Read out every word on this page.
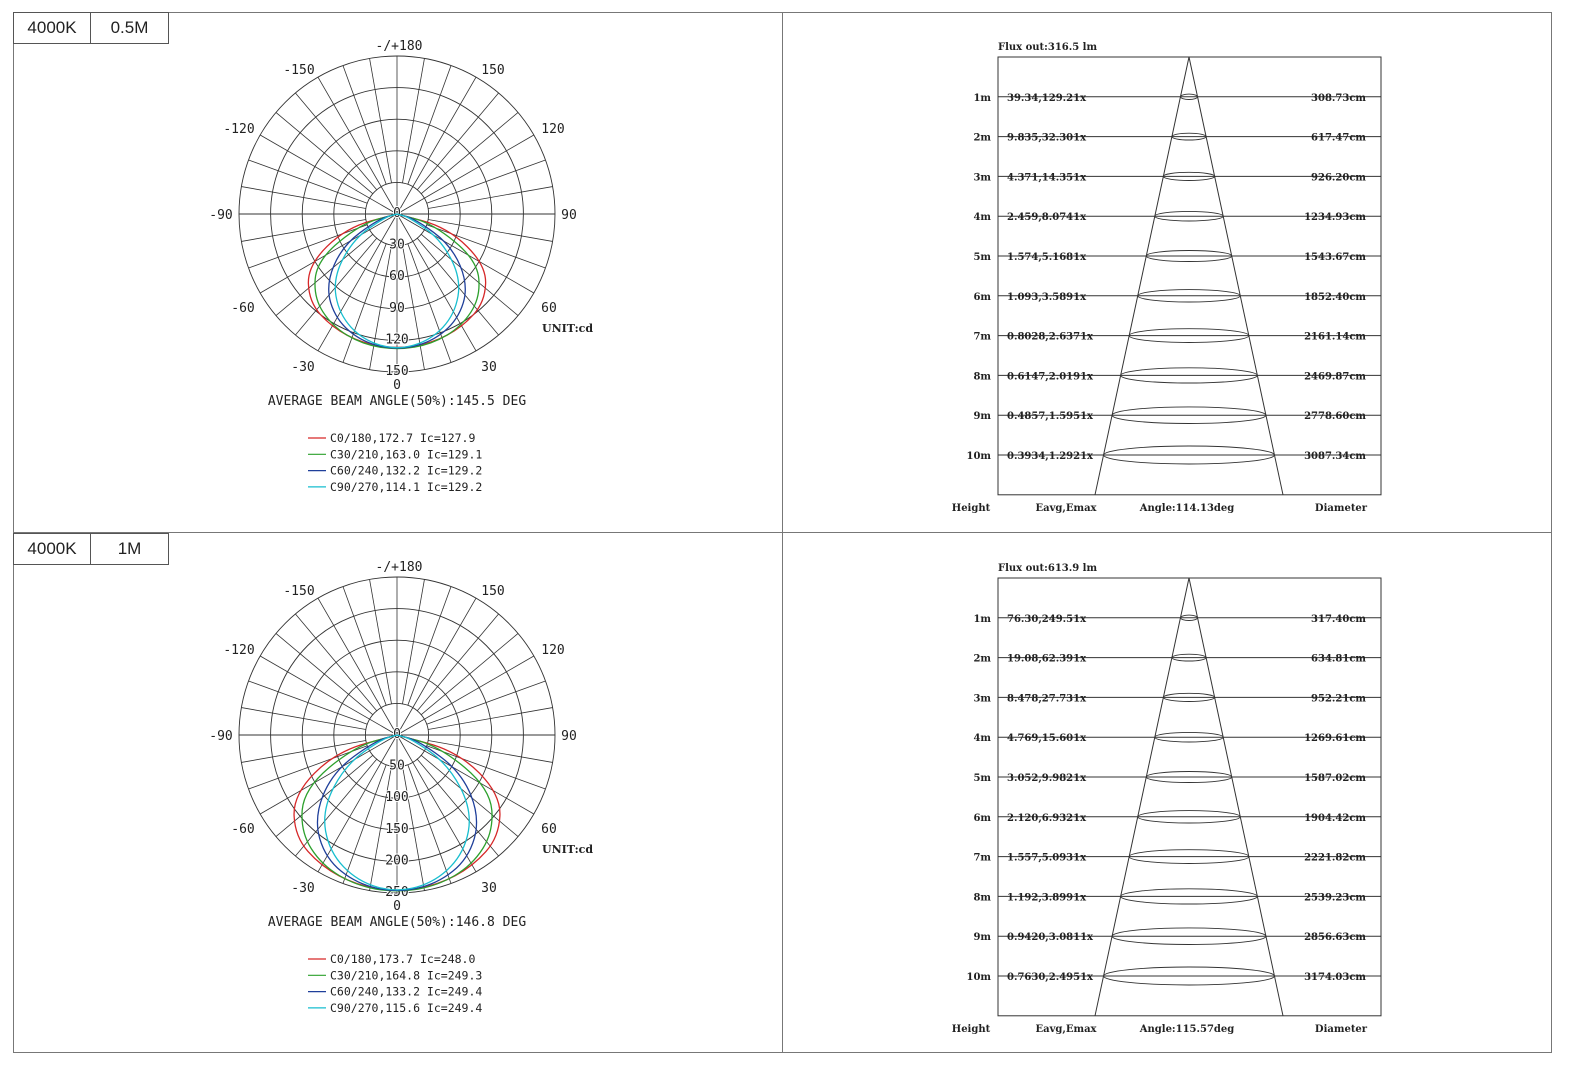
4000K	0.5M
-/+180
-150	150
-120	120
-90	90
-60	60
-30	30
0
0
30
60
90
120
150
UNIT:cd
AVERAGE BEAM ANGLE(50%):145.5 DEG
C0/180,172.7 Ic=127.9
C30/210,163.0 Ic=129.1
C60/240,132.2 Ic=129.2
C90/270,114.1 Ic=129.2
Flux out:316.5 lm
1m 39.34,129.21x	308.73cm
2m 9.835,32.301x	617.47cm
3m 4.371,14.351x	926.20cm
4m 2.459,8.0741x	1234.93cm
5m 1.574,5.1681x	1543.67cm
6m 1.093,3.5891x	1852.40cm
7m 0.8028,2.6371x	2161.14cm
8m 0.6147,2.0191x	2469.87cm
9m 0.4857,1.5951x	2778.60cm
10m 0.3934,1.2921x	3087.34cm
Height	Eavg,Emax	Angle:114.13deg	Diameter
4000K	1M
-/+180
-150	150
-120	120
-90	90
-60	60
-30	30
0
0
50
100
150
200
250
UNIT:cd
AVERAGE BEAM ANGLE(50%):146.8 DEG
C0/180,173.7 Ic=248.0
C30/210,164.8 Ic=249.3
C60/240,133.2 Ic=249.4
C90/270,115.6 Ic=249.4
Flux out:613.9 lm
1m 76.30,249.51x	317.40cm
2m 19.08,62.391x	634.81cm
3m 8.478,27.731x	952.21cm
4m 4.769,15.601x	1269.61cm
5m 3.052,9.9821x	1587.02cm
6m 2.120,6.9321x	1904.42cm
7m 1.557,5.0931x	2221.82cm
8m 1.192,3.8991x	2539.23cm
9m 0.9420,3.0811x	2856.63cm
10m 0.7630,2.4951x	3174.03cm
Height	Eavg,Emax	Angle:115.57deg	Diameter
